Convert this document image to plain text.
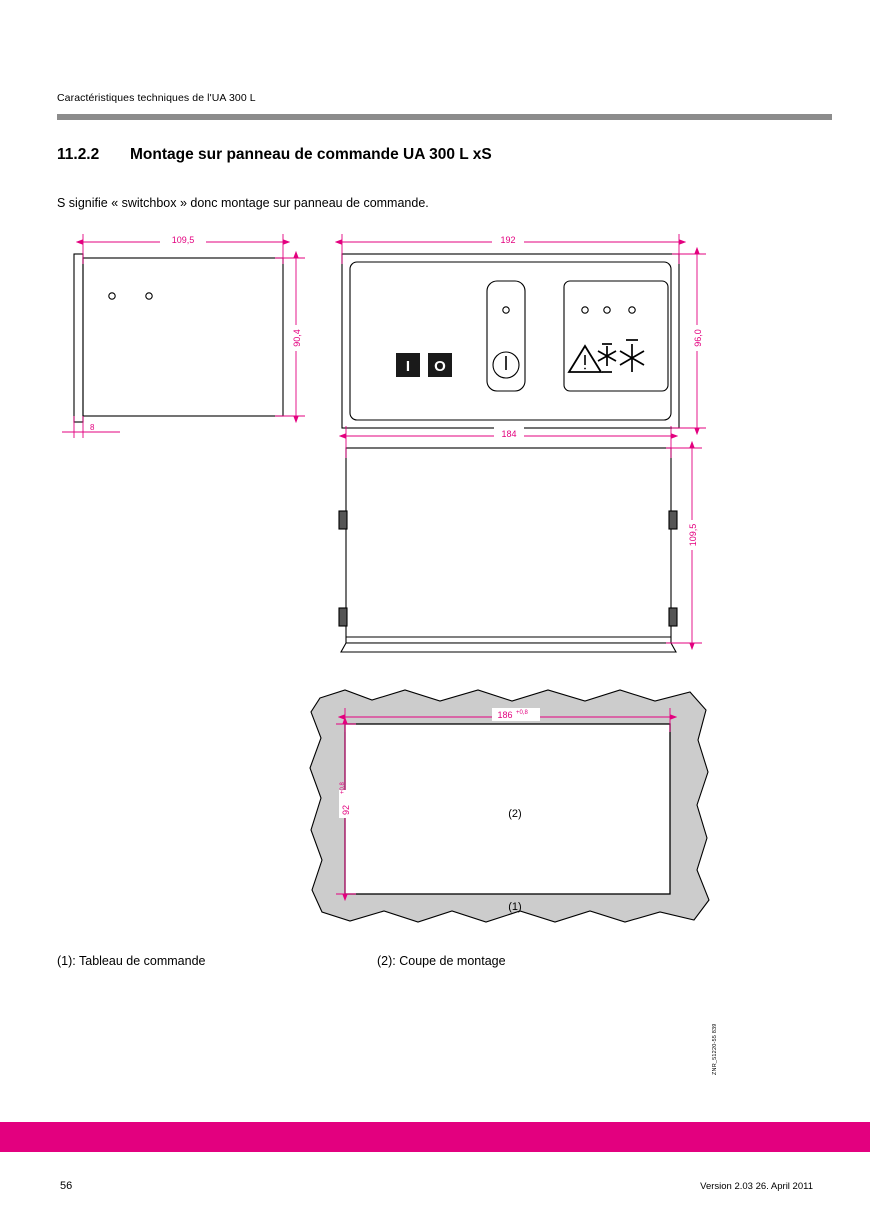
Caractéristiques techniques de l'UA 300 L
11.2.2 Montage sur panneau de commande UA 300 L xS
S signifie « switchbox » donc montage sur panneau de commande.
109,5
90,4
8
192
96,0
184
109,5
186 +0,8
92
+0,8
I O
(2)
(1)
ZNR_51220-55 839
(1): Tableau de commande	(2): Coupe de montage
56	Version 2.03 26. April 2011
